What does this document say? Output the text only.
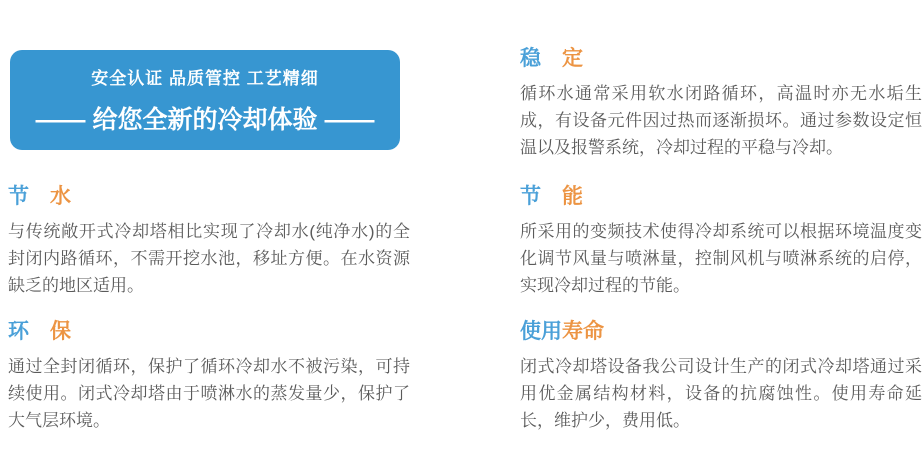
安全认证 品质管控 工艺精细
—— 给您全新的冷却体验 ——
节　水

与传统敞开式冷却塔相比实现了冷却水(纯净水)的全封闭内路循环，不需开挖水池，移址方便。在水资源缺乏的地区适用。

环　保

通过全封闭循环，保护了循环冷却水不被污染，可持续使用。闭式冷却塔由于喷淋水的蒸发量少，保护了大气层环境。

稳　定

循环水通常采用软水闭路循环，高温时亦无水垢生成，有设备元件因过热而逐渐损坏。通过参数设定恒温以及报警系统，冷却过程的平稳与冷却。

节　能

所采用的变频技术使得冷却系统可以根据环境温度变化调节风量与喷淋量，控制风机与喷淋系统的启停，实现冷却过程的节能。

使用寿命

闭式冷却塔设备我公司设计生产的闭式冷却塔通过采用优金属结构材料，设备的抗腐蚀性。使用寿命延长，维护少，费用低。
